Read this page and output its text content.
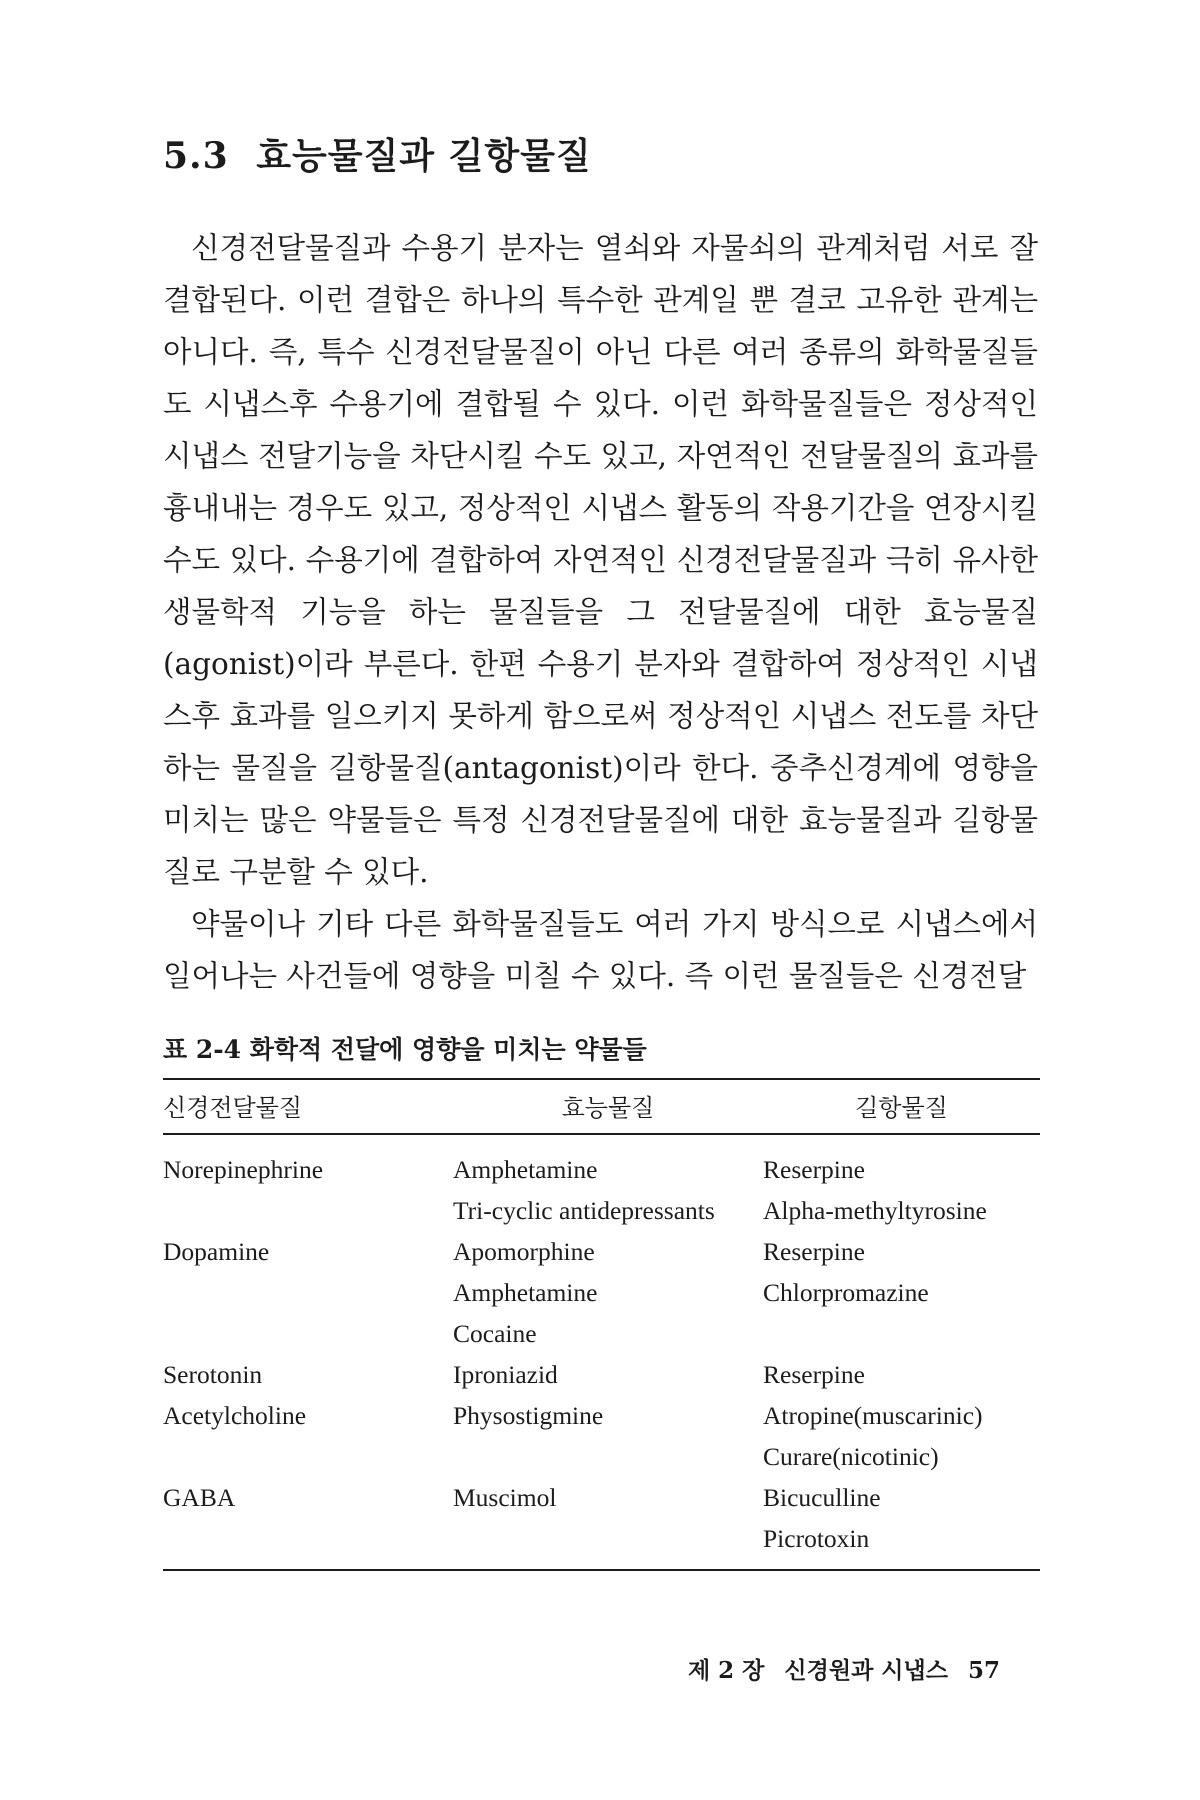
5.3 효능물질과 길항물질

신경전달물질과 수용기 분자는 열쇠와 자물쇠의 관계처럼 서로 잘 결합된다. 이런 결합은 하나의 특수한 관계일 뿐 결코 고유한 관계는 아니다. 즉, 특수 신경전달물질이 아닌 다른 여러 종류의 화학물질들도 시냅스후 수용기에 결합될 수 있다. 이런 화학물질들은 정상적인 시냅스 전달기능을 차단시킬 수도 있고, 자연적인 전달물질의 효과를 흉내내는 경우도 있고, 정상적인 시냅스 활동의 작용기간을 연장시킬 수도 있다. 수용기에 결합하여 자연적인 신경전달물질과 극히 유사한 생물학적 기능을 하는 물질들을 그 전달물질에 대한 효능물질(agonist)이라 부른다. 한편 수용기 분자와 결합하여 정상적인 시냅스후 효과를 일으키지 못하게 함으로써 정상적인 시냅스 전도를 차단하는 물질을 길항물질(antagonist)이라 한다. 중추신경계에 영향을 미치는 많은 약물들은 특정 신경전달물질에 대한 효능물질과 길항물질로 구분할 수 있다.

약물이나 기타 다른 화학물질들도 여러 가지 방식으로 시냅스에서 일어나는 사건들에 영향을 미칠 수 있다. 즉 이런 물질들은 신경전달

표 2-4 화학적 전달에 영향을 미치는 약물들
신경전달물질	효능물질	길항물질
Norepinephrine	Amphetamine	Reserpine
	Tri-cyclic antidepressants	Alpha-methyltyrosine
Dopamine	Apomorphine	Reserpine
	Amphetamine	Chlorpromazine
	Cocaine	
Serotonin	Iproniazid	Reserpine
Acetylcholine	Physostigmine	Atropine(muscarinic)
		Curare(nicotinic)
GABA	Muscimol	Bicuculline
		Picrotoxin
제 2 장 신경원과 시냅스 57
